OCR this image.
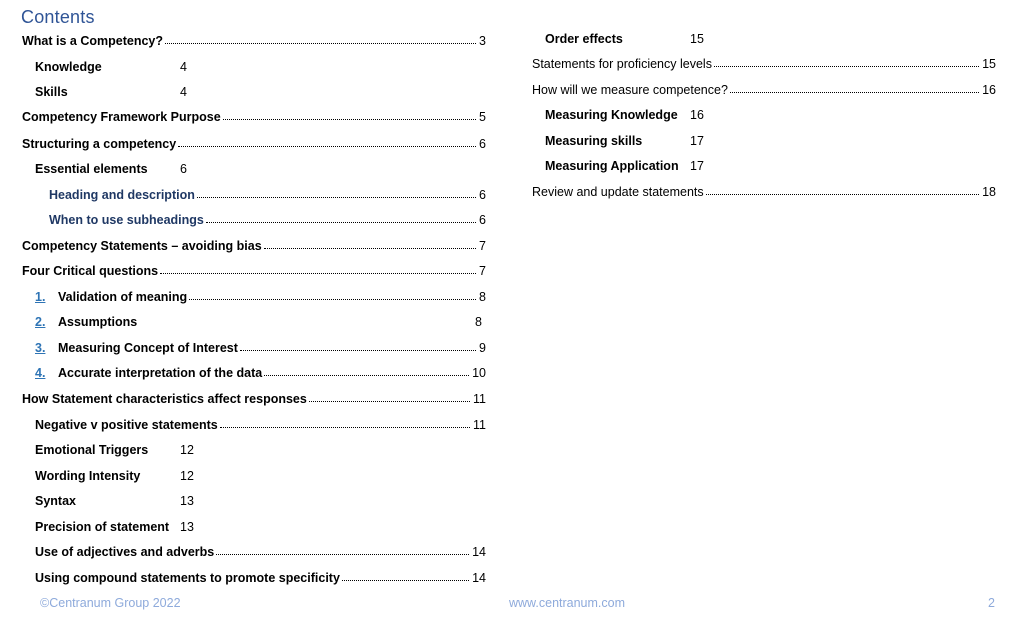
Contents
What is a Competency?	3
Knowledge	4
Skills	4
Competency Framework Purpose	5
Structuring a competency	6
Essential elements	6
Heading and description	6
When to use subheadings	6
Competency Statements – avoiding bias	7
Four Critical questions	7
1.	Validation of meaning	8
2.	Assumptions	8
3.	Measuring Concept of Interest	9
4.	Accurate interpretation of the data	10
How Statement characteristics affect responses	11
Negative v positive statements	11
Emotional Triggers	12
Wording Intensity	12
Syntax	13
Precision of statement 13
Use of adjectives and adverbs	14
Using compound statements to promote specificity	14
Order effects	15
Statements for proficiency levels	15
How will we measure competence?	16
Measuring Knowledge 16
Measuring skills	17
Measuring Application 17
Review and update statements	18
©Centranum Group 2022	www.centranum.com	2
